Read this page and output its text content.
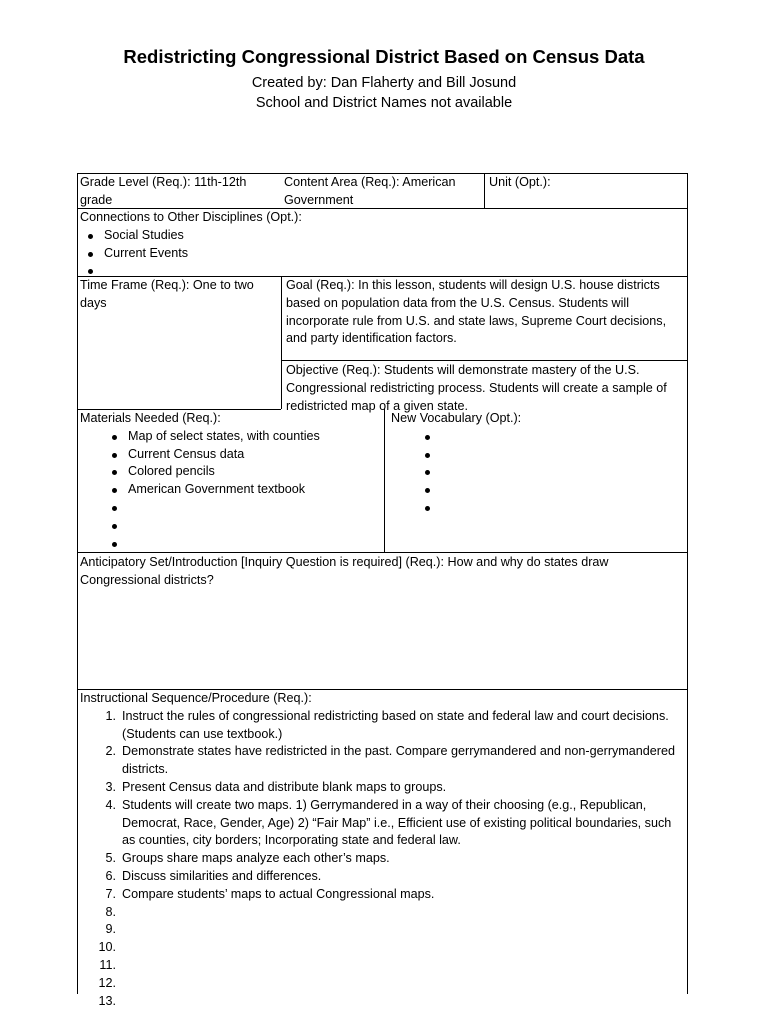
Redistricting Congressional District Based on Census Data
Created by: Dan Flaherty and Bill Josund
School and District Names not available
Grade Level (Req.): 11th-12th grade
Content Area (Req.): American Government
Unit (Opt.):
Connections to Other Disciplines (Opt.):
Social Studies
Current Events
Time Frame (Req.): One to two days
Goal (Req.): In this lesson, students will design U.S. house districts based on population data from the U.S. Census. Students will incorporate rule from U.S. and state laws, Supreme Court decisions, and party identification factors.
Objective (Req.): Students will demonstrate mastery of the U.S. Congressional redistricting process. Students will create a sample of redistricted map of a given state.
Materials Needed (Req.):
Map of select states, with counties
Current Census data
Colored pencils
American Government textbook
New Vocabulary (Opt.):
Anticipatory Set/Introduction [Inquiry Question is required] (Req.): How and why do states draw Congressional districts?
Instructional Sequence/Procedure (Req.):
1. Instruct the rules of congressional redistricting based on state and federal law and court decisions. (Students can use textbook.)
2. Demonstrate states have redistricted in the past. Compare gerrymandered and non-gerrymandered districts.
3. Present Census data and distribute blank maps to groups.
4. Students will create two maps. 1) Gerrymandered in a way of their choosing (e.g., Republican, Democrat, Race, Gender, Age) 2) “Fair Map” i.e., Efficient use of existing political boundaries, such as counties, city borders; Incorporating state and federal law.
5. Groups share maps analyze each other’s maps.
6. Discuss similarities and differences.
7. Compare students’ maps to actual Congressional maps.
8.
9.
10.
11.
12.
13.
